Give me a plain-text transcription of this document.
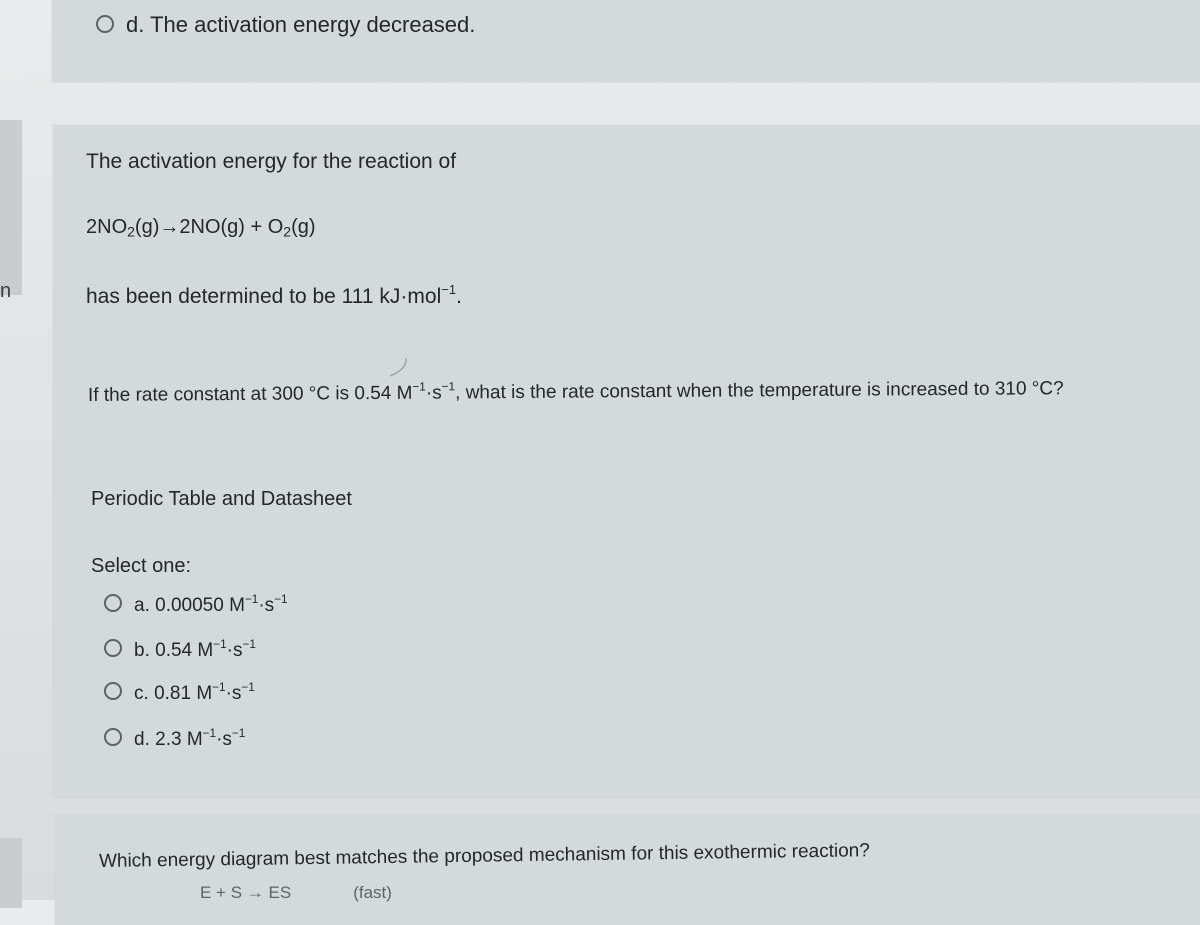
n
d. The activation energy decreased.
The activation energy for the reaction of
$2NO_2(g)\to 2NO(g) + O_2(g)$
has been determined to be 111 kJ·mol$^{-1}$.
If the rate constant at 300 °C is 0.54 $M^{-1}\cdot s^{-1}$, what is the rate constant when the temperature is increased to 310 °C?
Periodic Table and Datasheet
Select one:
a. 0.00050 $M^{-1}\cdot s^{-1}$
b. 0.54 $M^{-1}\cdot s^{-1}$
c. 0.81 $M^{-1}\cdot s^{-1}$
d. 2.3 $M^{-1}\cdot s^{-1}$
Which energy diagram best matches the proposed mechanism for this exothermic reaction?
E + S → ES	(fast)
